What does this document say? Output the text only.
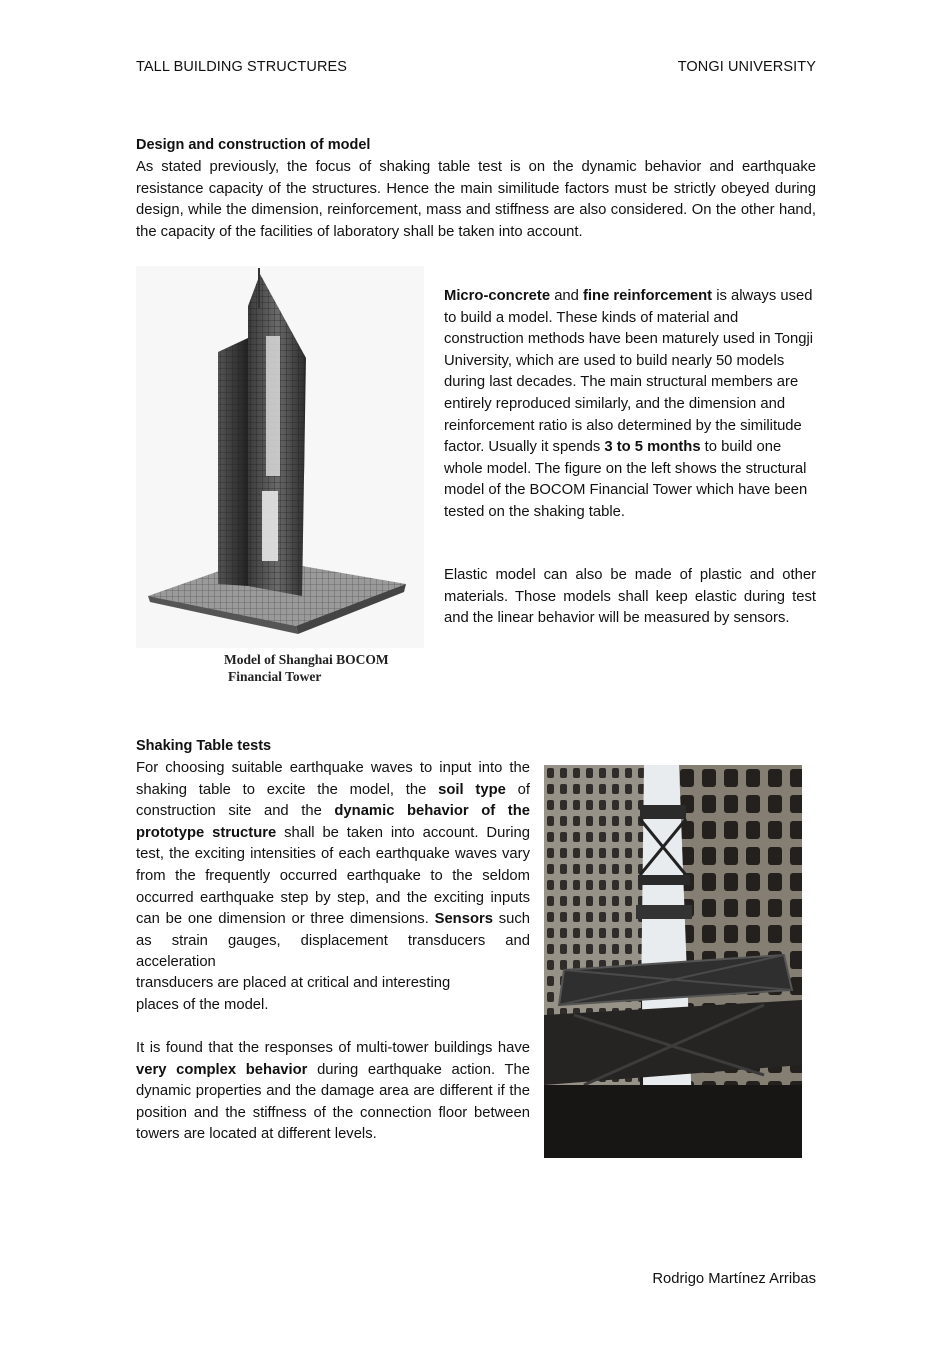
TALL BUILDING STRUCTURES	TONGI UNIVERSITY
Design and construction of model
As stated previously, the focus of shaking table test is on the dynamic behavior and earthquake resistance capacity of the structures. Hence the main similitude factors must be strictly obeyed during design, while the dimension, reinforcement, mass and stiffness are also considered. On the other hand, the capacity of the facilities of laboratory shall be taken into account.
Model of Shanghai BOCOM
Financial Tower
Micro-concrete and fine reinforcement is always used to build a model. These kinds of material and construction methods have been maturely used in Tongji University, which are used to build nearly 50 models during last decades. The main structural members are entirely reproduced similarly, and the dimension and reinforcement ratio is also determined by the similitude factor. Usually it spends 3 to 5 months to build one whole model. The figure on the left shows the structural model of the BOCOM Financial Tower which have been tested on the shaking table.
Elastic model can also be made of plastic and other materials. Those models shall keep elastic during test and the linear behavior will be measured by sensors.
Shaking Table tests
For choosing suitable earthquake waves to input into the shaking table to excite the model, the soil type of construction site and the dynamic behavior of the prototype structure shall be taken into account. During test, the exciting intensities of each earthquake waves vary from the frequently occurred earthquake to the seldom occurred earthquake step by step, and the exciting inputs can be one dimension or three dimensions. Sensors such as strain gauges, displacement transducers and acceleration
transducers are placed at critical and interesting
places of the model.
It is found that the responses of multi-tower buildings have very complex behavior during earthquake action. The dynamic properties and the damage area are different if the position and the stiffness of the connection floor between towers are located at different levels.
Rodrigo Martínez Arribas
